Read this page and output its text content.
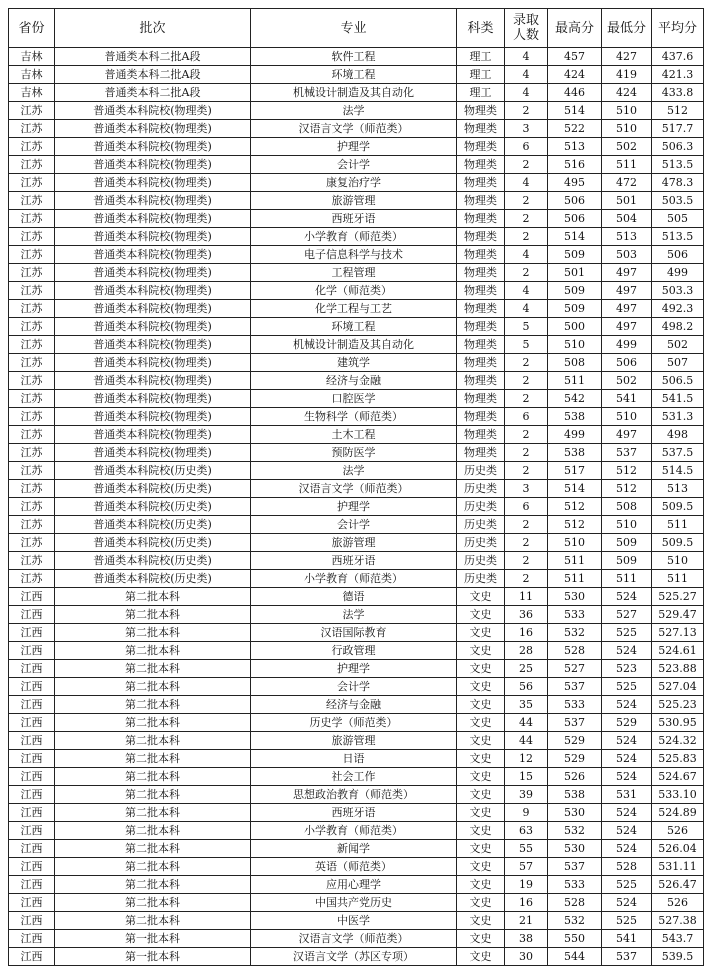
省份	批次	专业	科类	录取人数	最高分	最低分	平均分
吉林	普通类本科二批A段	软件工程	理工	4	457	427	437.6
吉林	普通类本科二批A段	环境工程	理工	4	424	419	421.3
吉林	普通类本科二批A段	机械设计制造及其自动化	理工	4	446	424	433.8
江苏	普通类本科院校(物理类)	法学	物理类	2	514	510	512
江苏	普通类本科院校(物理类)	汉语言文学（师范类）	物理类	3	522	510	517.7
江苏	普通类本科院校(物理类)	护理学	物理类	6	513	502	506.3
江苏	普通类本科院校(物理类)	会计学	物理类	2	516	511	513.5
江苏	普通类本科院校(物理类)	康复治疗学	物理类	4	495	472	478.3
江苏	普通类本科院校(物理类)	旅游管理	物理类	2	506	501	503.5
江苏	普通类本科院校(物理类)	西班牙语	物理类	2	506	504	505
江苏	普通类本科院校(物理类)	小学教育（师范类）	物理类	2	514	513	513.5
江苏	普通类本科院校(物理类)	电子信息科学与技术	物理类	4	509	503	506
江苏	普通类本科院校(物理类)	工程管理	物理类	2	501	497	499
江苏	普通类本科院校(物理类)	化学（师范类）	物理类	4	509	497	503.3
江苏	普通类本科院校(物理类)	化学工程与工艺	物理类	4	509	497	492.3
江苏	普通类本科院校(物理类)	环境工程	物理类	5	500	497	498.2
江苏	普通类本科院校(物理类)	机械设计制造及其自动化	物理类	5	510	499	502
江苏	普通类本科院校(物理类)	建筑学	物理类	2	508	506	507
江苏	普通类本科院校(物理类)	经济与金融	物理类	2	511	502	506.5
江苏	普通类本科院校(物理类)	口腔医学	物理类	2	542	541	541.5
江苏	普通类本科院校(物理类)	生物科学（师范类）	物理类	6	538	510	531.3
江苏	普通类本科院校(物理类)	土木工程	物理类	2	499	497	498
江苏	普通类本科院校(物理类)	预防医学	物理类	2	538	537	537.5
江苏	普通类本科院校(历史类)	法学	历史类	2	517	512	514.5
江苏	普通类本科院校(历史类)	汉语言文学（师范类）	历史类	3	514	512	513
江苏	普通类本科院校(历史类)	护理学	历史类	6	512	508	509.5
江苏	普通类本科院校(历史类)	会计学	历史类	2	512	510	511
江苏	普通类本科院校(历史类)	旅游管理	历史类	2	510	509	509.5
江苏	普通类本科院校(历史类)	西班牙语	历史类	2	511	509	510
江苏	普通类本科院校(历史类)	小学教育（师范类）	历史类	2	511	511	511
江西	第二批本科	德语	文史	11	530	524	525.27
江西	第二批本科	法学	文史	36	533	527	529.47
江西	第二批本科	汉语国际教育	文史	16	532	525	527.13
江西	第二批本科	行政管理	文史	28	528	524	524.61
江西	第二批本科	护理学	文史	25	527	523	523.88
江西	第二批本科	会计学	文史	56	537	525	527.04
江西	第二批本科	经济与金融	文史	35	533	524	525.23
江西	第二批本科	历史学（师范类）	文史	44	537	529	530.95
江西	第二批本科	旅游管理	文史	44	529	524	524.32
江西	第二批本科	日语	文史	12	529	524	525.83
江西	第二批本科	社会工作	文史	15	526	524	524.67
江西	第二批本科	思想政治教育（师范类）	文史	39	538	531	533.10
江西	第二批本科	西班牙语	文史	9	530	524	524.89
江西	第二批本科	小学教育（师范类）	文史	63	532	524	526
江西	第二批本科	新闻学	文史	55	530	524	526.04
江西	第二批本科	英语（师范类）	文史	57	537	528	531.11
江西	第二批本科	应用心理学	文史	19	533	525	526.47
江西	第二批本科	中国共产党历史	文史	16	528	524	526
江西	第二批本科	中医学	文史	21	532	525	527.38
江西	第一批本科	汉语言文学（师范类）	文史	38	550	541	543.7
江西	第一批本科	汉语言文学（苏区专项）	文史	30	544	537	539.5
